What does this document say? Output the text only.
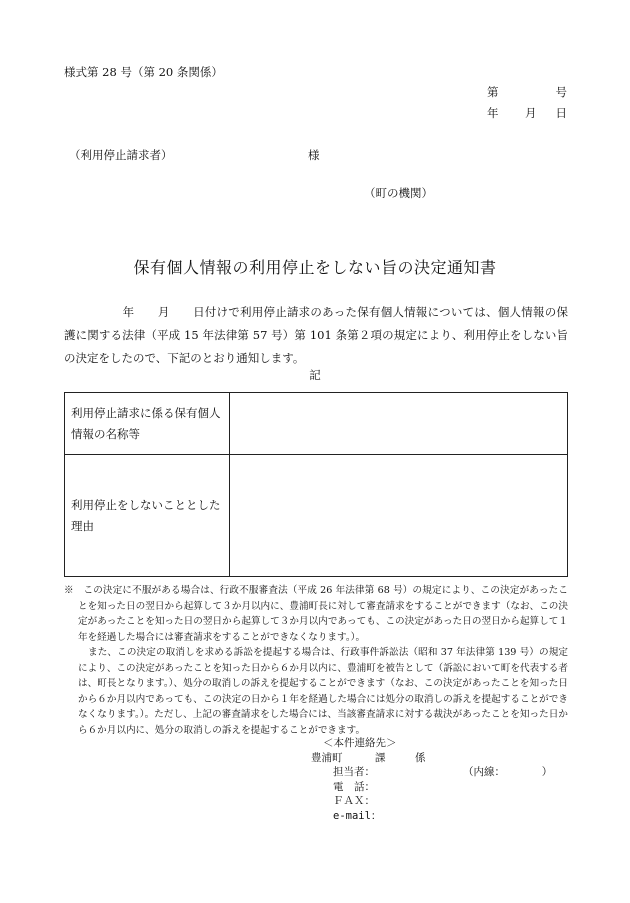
様式第 28 号（第 20 条関係）
第	号
年 月 日
（利用停止請求者）	様
（町の機関）
保有個人情報の利用停止をしない旨の決定通知書
　　　　　年　　月　　日付けで利用停止請求のあった保有個人情報については、個人情報の保護に関する法律（平成 15 年法律第 57 号）第 101 条第２項の規定により、利用停止をしない旨の決定をしたので、下記のとおり通知します。
記
利用停止請求に係る保有個人情報の名称等	
利用停止をしないこととした理由	

※　この決定に不服がある場合は、行政不服審査法（平成 26 年法律第 68 号）の規定により、この決定があったことを知った日の翌日から起算して３か月以内に、豊浦町長に対して審査請求をすることができます（なお、この決定があったことを知った日の翌日から起算して３か月以内であっても、この決定があった日の翌日から起算して１年を経過した場合には審査請求をすることができなくなります。）。

また、この決定の取消しを求める訴訟を提起する場合は、行政事件訴訟法（昭和 37 年法律第 139 号）の規定により、この決定があったことを知った日から６か月以内に、豊浦町を被告として（訴訟において町を代表する者は、町長となります。）、処分の取消しの訴えを提起することができます（なお、この決定があったことを知った日から６か月以内であっても、この決定の日から１年を経過した場合には処分の取消しの訴えを提起することができなくなります。）。ただし、上記の審査請求をした場合には、当該審査請求に対する裁決があったことを知った日から６か月以内に、処分の取消しの訴えを提起することができます。

＜本件連絡先＞
豊浦町	課	係
担当者：	（内線：　　　　）
電　話：
ＦＡＸ：
e-mail：
